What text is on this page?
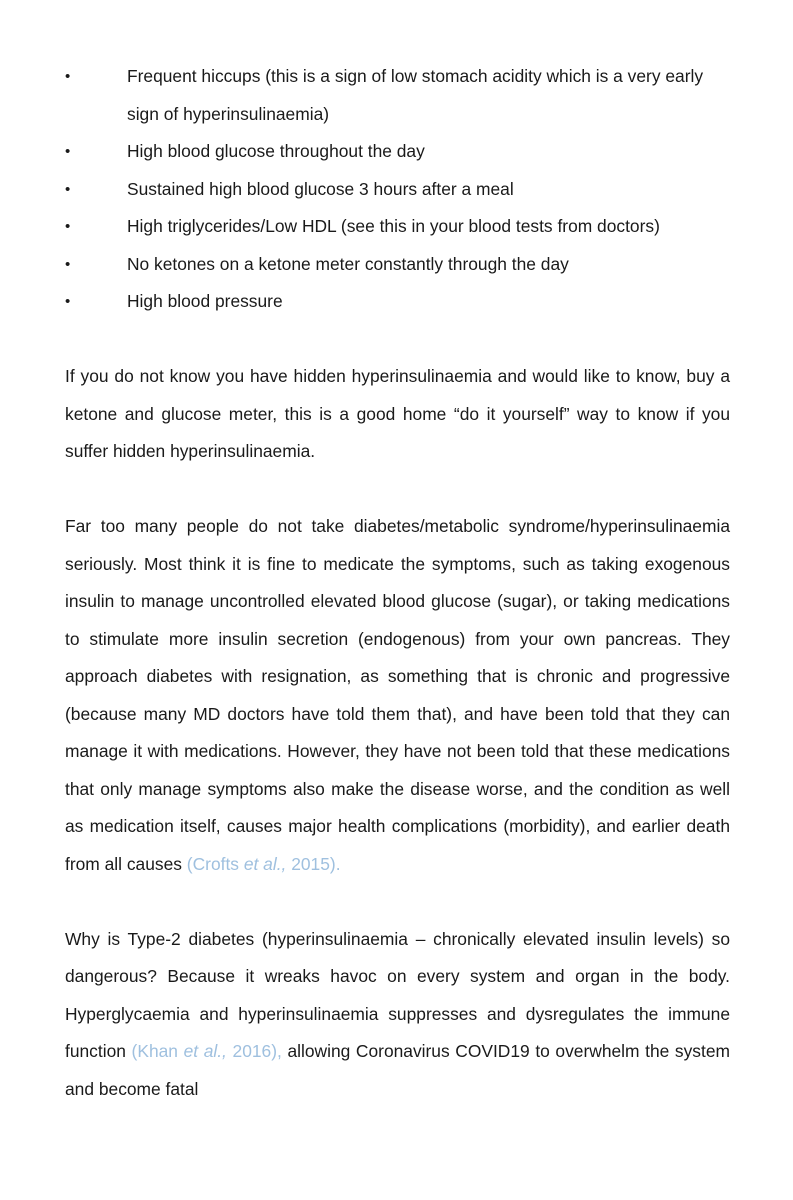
•	Frequent hiccups (this is a sign of low stomach acidity which is a very early sign of hyperinsulinaemia)
•	High blood glucose throughout the day
•	Sustained high blood glucose 3 hours after a meal
•	High triglycerides/Low HDL (see this in your blood tests from doctors)
•	No ketones on a ketone meter constantly through the day
•	High blood pressure

If you do not know you have hidden hyperinsulinaemia and would like to know, buy a ketone and glucose meter, this is a good home “do it yourself” way to know if you suffer hidden hyperinsulinaemia.

Far too many people do not take diabetes/metabolic syndrome/hyperinsulinaemia seriously. Most think it is fine to medicate the symptoms, such as taking exogenous insulin to manage uncontrolled elevated blood glucose (sugar), or taking medications to stimulate more insulin secretion (endogenous) from your own pancreas. They approach diabetes with resignation, as something that is chronic and progressive (because many MD doctors have told them that), and have been told that they can manage it with medications. However, they have not been told that these medications that only manage symptoms also make the disease worse, and the condition as well as medication itself, causes major health complications (morbidity), and earlier death from all causes (Crofts et al., 2015).

Why is Type-2 diabetes (hyperinsulinaemia – chronically elevated insulin levels) so dangerous? Because it wreaks havoc on every system and organ in the body. Hyperglycaemia and hyperinsulinaemia suppresses and dysregulates the immune function (Khan et al., 2016), allowing Coronavirus COVID19 to overwhelm the system and become fatal
